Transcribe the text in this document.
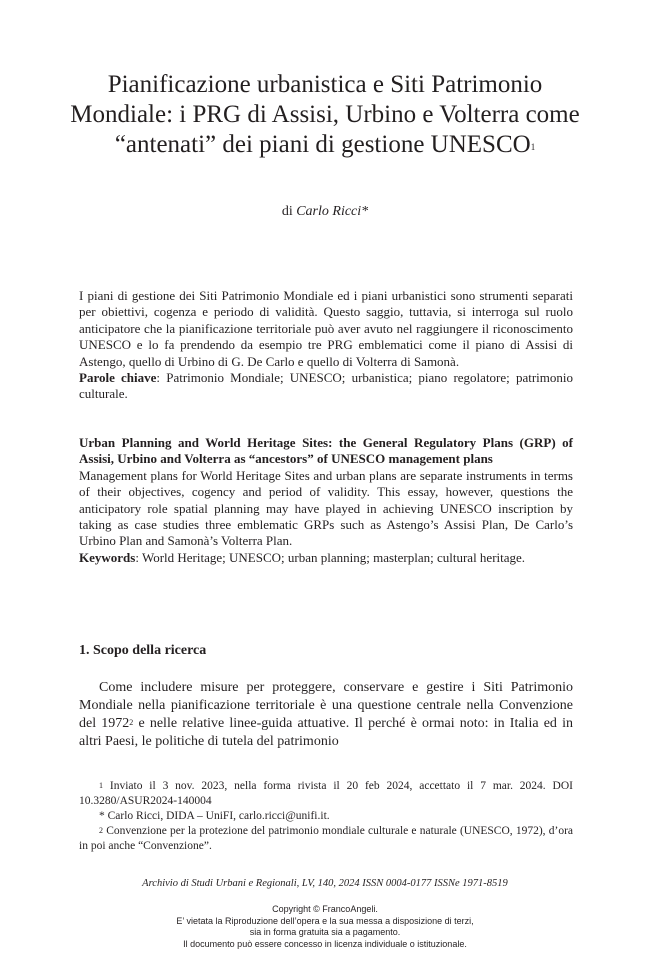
Pianificazione urbanistica e Siti Patrimonio Mondiale: i PRG di Assisi, Urbino e Volterra come “antenati” dei piani di gestione UNESCO$^1$
di Carlo Ricci*
I piani di gestione dei Siti Patrimonio Mondiale ed i piani urbanistici sono strumenti separati per obiettivi, cogenza e periodo di validità. Questo saggio, tuttavia, si interroga sul ruolo anticipatore che la pianificazione territoriale può aver avuto nel raggiungere il riconoscimento UNESCO e lo fa prendendo da esempio tre PRG emblematici come il piano di Assisi di Astengo, quello di Urbino di G. De Carlo e quello di Volterra di Samonà.
Parole chiave: Patrimonio Mondiale; UNESCO; urbanistica; piano regolatore; patrimonio culturale.
Urban Planning and World Heritage Sites: the General Regulatory Plans (GRP) of Assisi, Urbino and Volterra as “ancestors” of UNESCO management plans
Management plans for World Heritage Sites and urban plans are separate instruments in terms of their objectives, cogency and period of validity. This essay, however, questions the anticipatory role spatial planning may have played in achieving UNESCO inscription by taking as case studies three emblematic GRPs such as Astengo’s Assisi Plan, De Carlo’s Urbino Plan and Samonà’s Volterra Plan.
Keywords: World Heritage; UNESCO; urban planning; masterplan; cultural heritage.
1. Scopo della ricerca
Come includere misure per proteggere, conservare e gestire i Siti Patrimonio Mondiale nella pianificazione territoriale è una questione centrale nella Convenzione del 1972$^2$ e nelle relative linee-guida attuative. Il perché è ormai noto: in Italia ed in altri Paesi, le politiche di tutela del patrimonio

$^1$ Inviato il 3 nov. 2023, nella forma rivista il 20 feb 2024, accettato il 7 mar. 2024. DOI 10.3280/ASUR2024-140004

* Carlo Ricci, DIDA – UniFI, carlo.ricci@unifi.it.

$^2$ Convenzione per la protezione del patrimonio mondiale culturale e naturale (UNESCO, 1972), d’ora in poi anche “Convenzione”.

Archivio di Studi Urbani e Regionali, LV, 140, 2024 ISSN 0004-0177 ISSNe 1971-8519
Copyright © FrancoAngeli.
E’ vietata la Riproduzione dell’opera e la sua messa a disposizione di terzi,
sia in forma gratuita sia a pagamento.
Il documento può essere concesso in licenza individuale o istituzionale.
